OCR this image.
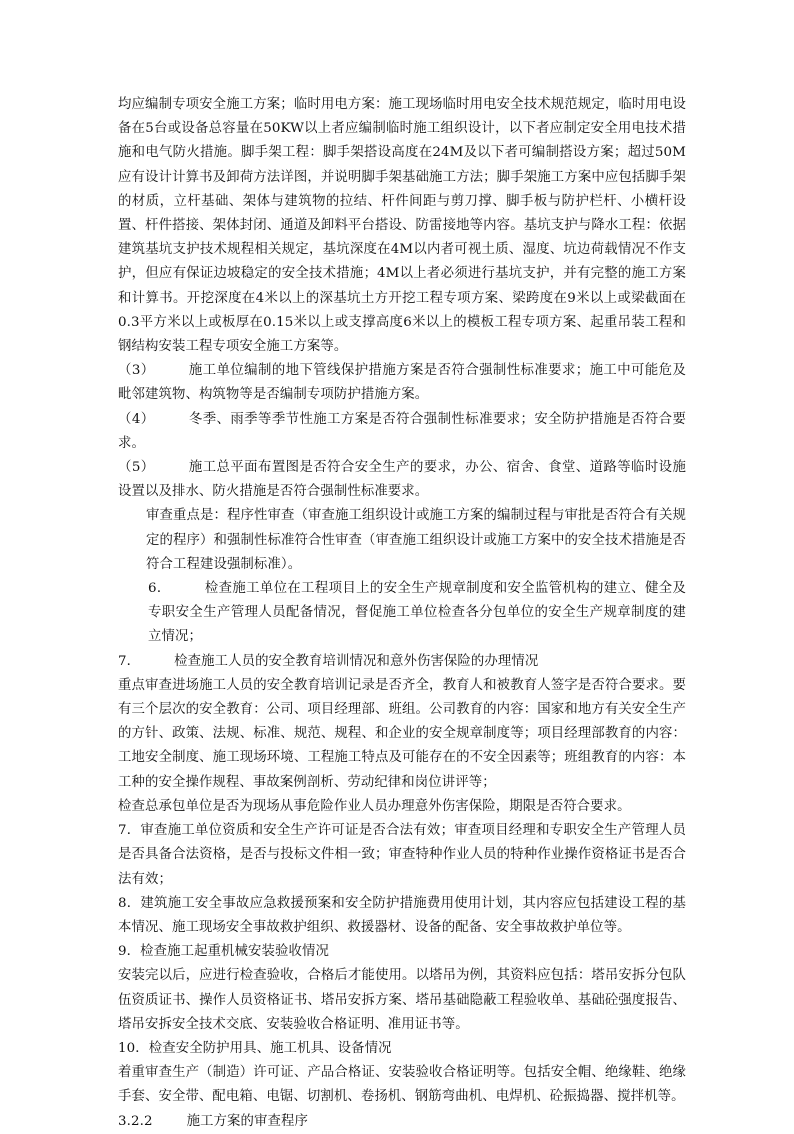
均应编制专项安全施工方案；临时用电方案：施工现场临时用电安全技术规范规定，临时用电设备在5台或设备总容量在50KW以上者应编制临时施工组织设计，以下者应制定安全用电技术措施和电气防火措施。脚手架工程：脚手架搭设高度在24M及以下者可编制搭设方案；超过50M应有设计计算书及卸荷方法详图，并说明脚手架基础施工方法；脚手架施工方案中应包括脚手架的材质，立杆基础、架体与建筑物的拉结、杆件间距与剪刀撑、脚手板与防护栏杆、小横杆设置、杆件搭接、架体封闭、通道及卸料平台搭设、防雷接地等内容。基坑支护与降水工程：依据建筑基坑支护技术规程相关规定，基坑深度在4M以内者可视土质、湿度、坑边荷载情况不作支护，但应有保证边坡稳定的安全技术措施；4M以上者必须进行基坑支护，并有完整的施工方案和计算书。开挖深度在4米以上的深基坑土方开挖工程专项方案、梁跨度在9米以上或梁截面在0.3平方米以上或板厚在0.15米以上或支撑高度6米以上的模板工程专项方案、起重吊装工程和钢结构安装工程专项安全施工方案等。

（3）	施工单位编制的地下管线保护措施方案是否符合强制性标准要求；施工中可能危及毗邻建筑物、构筑物等是否编制专项防护措施方案。

（4）	冬季、雨季等季节性施工方案是否符合强制性标准要求；安全防护措施是否符合要求。

（5）	施工总平面布置图是否符合安全生产的要求，办公、宿舍、食堂、道路等临时设施设置以及排水、防火措施是否符合强制性标准要求。

审查重点是：程序性审查（审查施工组织设计或施工方案的编制过程与审批是否符合有关规定的程序）和强制性标准符合性审查（审查施工组织设计或施工方案中的安全技术措施是否符合工程建设强制标准）。

6．	检查施工单位在工程项目上的安全生产规章制度和安全监管机构的建立、健全及专职安全生产管理人员配备情况，督促施工单位检查各分包单位的安全生产规章制度的建立情况；

7．	检查施工人员的安全教育培训情况和意外伤害保险的办理情况

重点审查进场施工人员的安全教育培训记录是否齐全，教育人和被教育人签字是否符合要求。要有三个层次的安全教育：公司、项目经理部、班组。公司教育的内容：国家和地方有关安全生产的方针、政策、法规、标准、规范、规程、和企业的安全规章制度等；项目经理部教育的内容：工地安全制度、施工现场环境、工程施工特点及可能存在的不安全因素等；班组教育的内容：本工种的安全操作规程、事故案例剖析、劳动纪律和岗位讲评等；

检查总承包单位是否为现场从事危险作业人员办理意外伤害保险，期限是否符合要求。

7．审查施工单位资质和安全生产许可证是否合法有效；审查项目经理和专职安全生产管理人员是否具备合法资格，是否与投标文件相一致；审查特种作业人员的特种作业操作资格证书是否合法有效；

8．建筑施工安全事故应急救援预案和安全防护措施费用使用计划，其内容应包括建设工程的基本情况、施工现场安全事故救护组织、救援器材、设备的配备、安全事故救护单位等。

9．检查施工起重机械安装验收情况

安装完以后，应进行检查验收，合格后才能使用。以塔吊为例，其资料应包括：塔吊安拆分包队伍资质证书、操作人员资格证书、塔吊安拆方案、塔吊基础隐蔽工程验收单、基础砼强度报告、塔吊安拆安全技术交底、安装验收合格证明、准用证书等。

10．检查安全防护用具、施工机具、设备情况

着重审查生产（制造）许可证、产品合格证、安装验收合格证明等。包括安全帽、绝缘鞋、绝缘手套、安全带、配电箱、电锯、切割机、卷扬机、钢筋弯曲机、电焊机、砼振捣器、搅拌机等。

3.2.2	施工方案的审查程序
